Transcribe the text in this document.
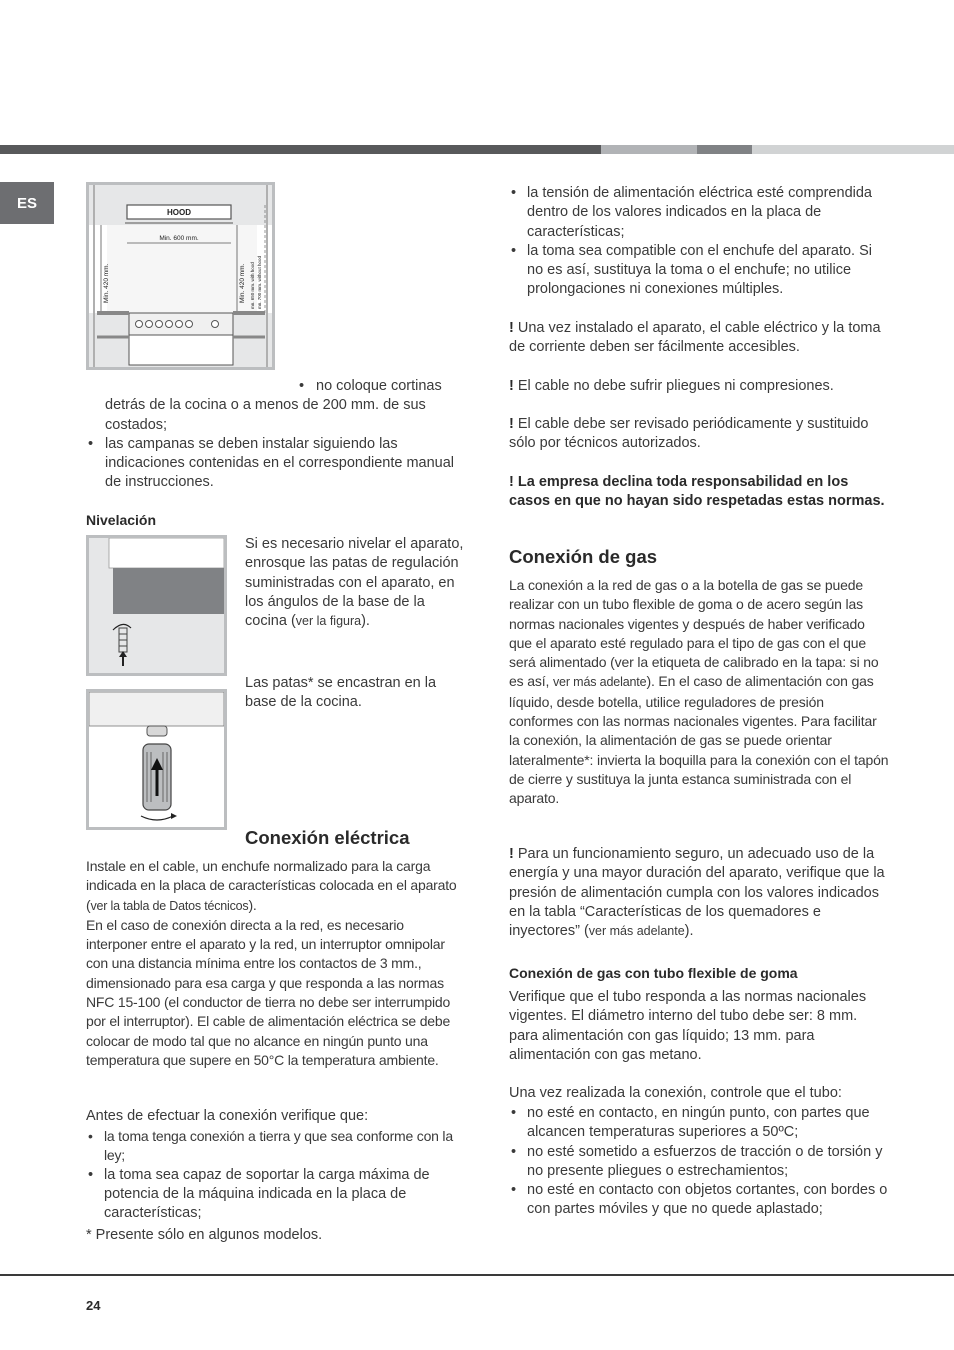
ES
HOOD
Min. 600 mm.
Min. 420 mm.	Min. 420 mm. mn. 650 mm. with hood mn. 700 mm. without hood
• no coloque cortinas detrás de la cocina o a menos de 200 mm. de sus costados;
• las campanas se deben instalar siguiendo las indicaciones contenidas en el correspondiente manual de instrucciones.
Nivelación

Si es necesario nivelar el aparato, enrosque las patas de regulación suministradas con el aparato, en los ángulos de la base de la cocina (ver la figura).

Las patas* se encastran en la base de la cocina.
Conexión eléctrica

Instale en el cable, un enchufe normalizado para la carga indicada en la placa de características colocada en el aparato (ver la tabla de Datos técnicos).

En el caso de conexión directa a la red, es necesario interponer entre el aparato y la red, un interruptor omnipolar con una distancia mínima entre los contactos de 3 mm., dimensionado para esa carga y que responda a las normas NFC 15-100 (el conductor de tierra no debe ser interrumpido por el interruptor). El cable de alimentación eléctrica se debe colocar de modo tal que no alcance en ningún punto una temperatura que supere en 50°C la temperatura ambiente.

Antes de efectuar la conexión verifique que:
• la toma tenga conexión a tierra y que sea conforme con la ley;
• la toma sea capaz de soportar la carga máxima de potencia de la máquina indicada en la placa de características;
* Presente sólo en algunos modelos.
• la tensión de alimentación eléctrica esté comprendida dentro de los valores indicados en la placa de características;
• la toma sea compatible con el enchufe del aparato. Si no es así, sustituya la toma o el enchufe; no utilice prolongaciones ni conexiones múltiples.
! Una vez instalado el aparato, el cable eléctrico y la toma de corriente deben ser fácilmente accesibles.
! El cable no debe sufrir pliegues ni compresiones.
! El cable debe ser revisado periódicamente y sustituido sólo por técnicos autorizados.
! La empresa declina toda responsabilidad en los casos en que no hayan sido respetadas estas normas.
Conexión de gas

La conexión a la red de gas o a la botella de gas se puede realizar con un tubo flexible de goma o de acero según las normas nacionales vigentes y después de haber verificado que el aparato esté regulado para el tipo de gas con el que será alimentado (ver la etiqueta de calibrado en la tapa: si no es así, ver más adelante). En el caso de alimentación con gas líquido, desde botella, utilice reguladores de presión conformes con las normas nacionales vigentes. Para facilitar la conexión, la alimentación de gas se puede orientar lateralmente*: invierta la boquilla para la conexión con el tapón de cierre y sustituya la junta estanca suministrada con el aparato.

! Para un funcionamiento seguro, un adecuado uso de la energía y una mayor duración del aparato, verifique que la presión de alimentación cumpla con los valores indicados en la tabla “Características de los quemadores e inyectores” (ver más adelante).
Conexión de gas con tubo flexible de goma
Verifique que el tubo responda a las normas nacionales vigentes. El diámetro interno del tubo debe ser: 8 mm. para alimentación con gas líquido; 13 mm. para alimentación con gas metano.
Una vez realizada la conexión, controle que el tubo:
• no esté en contacto, en ningún punto, con partes que alcancen temperaturas superiores a 50ºC;
• no esté sometido a esfuerzos de tracción o de torsión y no presente pliegues o estrechamientos;
• no esté en contacto con objetos cortantes, con bordes o con partes móviles y que no quede aplastado;
24
